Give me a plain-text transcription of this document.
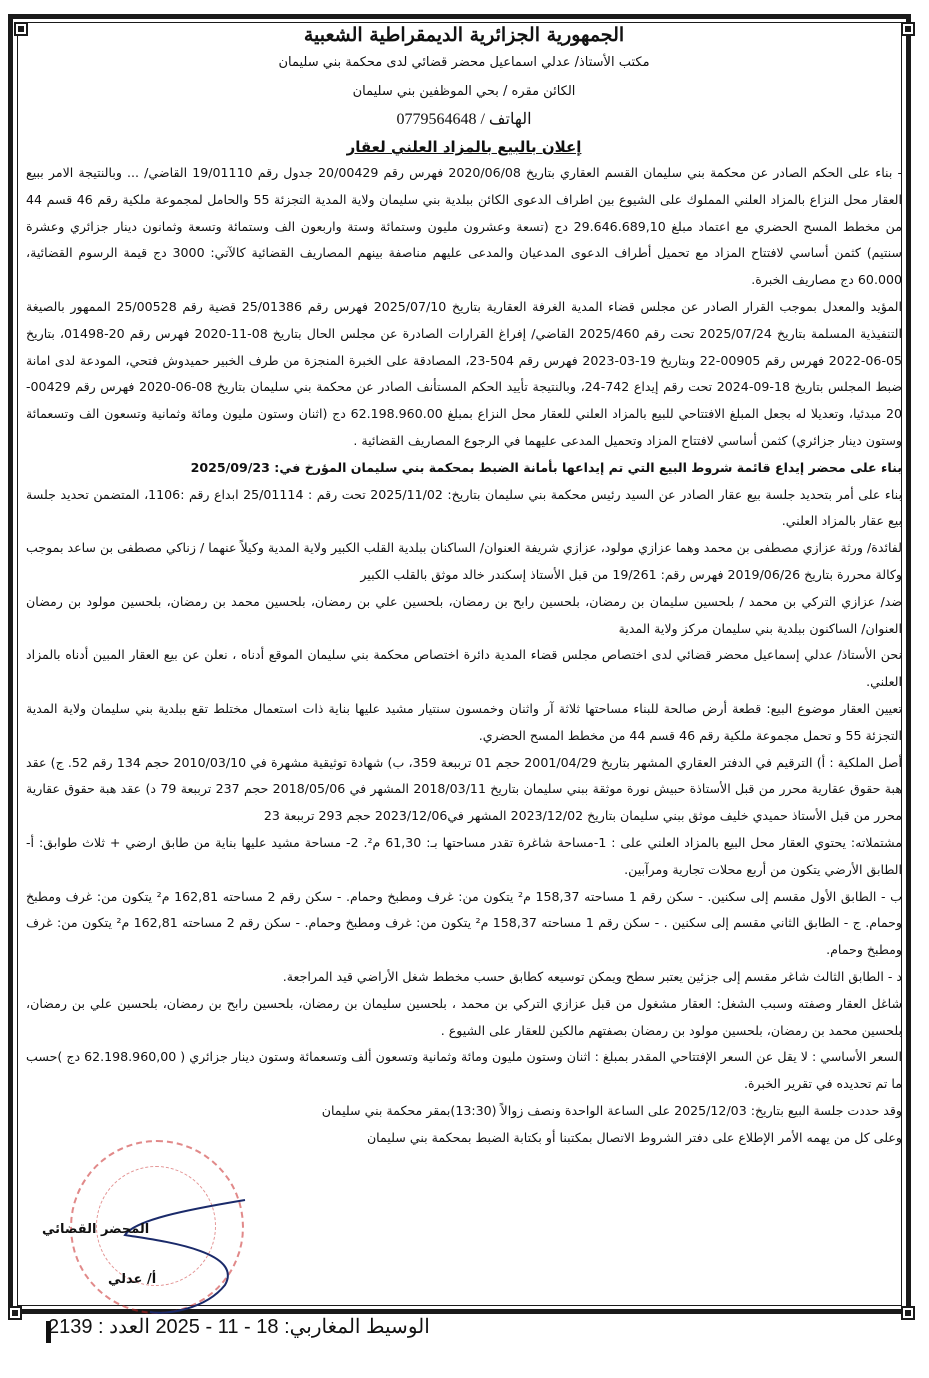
الجمهورية الجزائرية الديمقراطية الشعبية
مكتب الأستاذ/ عدلي اسماعيل محضر قضائي لدى محكمة بني سليمان
الكائن مقره / بحي الموظفين بني سليمان
الهاتف / 0779564648
إعلان بالبيع بالمزاد العلني لعقار

- بناء على الحكم الصادر عن محكمة بني سليمان القسم العقاري بتاريخ 2020/06/08 فهرس رقم 20/00429 جدول رقم 19/01110 القاضي/ ... وبالنتيجة الامر ببيع العقار محل النزاع بالمزاد العلني المملوك على الشيوع بين اطراف الدعوى الكائن ببلدية بني سليمان ولاية المدية التجزئة 55 والحامل لمجموعة ملكية رقم 46 قسم 44 من مخطط المسح الحضري مع اعتماد مبلغ 29.646.689,10 دج (تسعة وعشرون مليون وستمائة وستة واربعون الف وستمائة وتسعة وثمانون دينار جزائري وعشرة سنتيم) كثمن أساسي لافتتاح المزاد مع تحميل أطراف الدعوى المدعيان والمدعى عليهم مناصفة بينهم المصاريف القضائية كالآتي: 3000 دج قيمة الرسوم القضائية، 60.000 دج مصاريف الخبرة.

المؤيد والمعدل بموجب القرار الصادر عن مجلس قضاء المدية الغرفة العقارية بتاريخ 2025/07/10 فهرس رقم 25/01386 قضية رقم 25/00528 الممهور بالصيغة التنفيذية المسلمة بتاريخ 2025/07/24 تحت رقم 2025/460 القاضي/ إفراغ القرارات الصادرة عن مجلس الحال بتاريخ 08-11-2020 فهرس رقم 20-01498، بتاريخ 05-06-2022 فهرس رقم 00905-22 وبتاريخ 19-03-2023 فهرس رقم 504-23، المصادقة على الخبرة المنجزة من طرف الخبير حميدوش فتحي، المودعة لدى امانة ضبط المجلس بتاريخ 18-09-2024 تحت رقم إيداع 742-24، وبالنتيجة تأييد الحكم المستأنف الصادر عن محكمة بني سليمان بتاريخ 08-06-2020 فهرس رقم 00429-20 مبدئيا، وتعديلا له بجعل المبلغ الافتتاحي للبيع بالمزاد العلني للعقار محل النزاع بمبلغ 62.198.960.00 دج (اثنان وستون مليون ومائة وثمانية وتسعون الف وتسعمائة وستون دينار جزائري) كثمن أساسي لافتتاح المزاد وتحميل المدعى عليهما في الرجوع المصاريف القضائية .

بناء على محضر إيداع قائمة شروط البيع التي تم إيداعها بأمانة الضبط بمحكمة بني سليمان المؤرخ في: 2025/09/23

بناء على أمر بتحديد جلسة بيع عقار الصادر عن السيد رئيس محكمة بني سليمان بتاريخ: 2025/11/02 تحت رقم : 25/01114 ابداع رقم :1106، المتضمن تحديد جلسة بيع عقار بالمزاد العلني.

لفائدة/ ورثة عزازي مصطفى بن محمد وهما عزازي مولود، عزازي شريفة العنوان/ الساكنان ببلدية القلب الكبير ولاية المدية وكيلاً عنهما / زناكي مصطفى بن ساعد بموجب وكالة محررة بتاريخ 2019/06/26 فهرس رقم: 19/261 من قبل الأستاذ إسكندر خالد موثق بالقلب الكبير

ضد/ عزازي التركي بن محمد / بلحسين سليمان بن رمضان، بلحسين رابح بن رمضان، بلحسين علي بن رمضان، بلحسين محمد بن رمضان، بلحسين مولود بن رمضان العنوان/ الساكنون ببلدية بني سليمان مركز ولاية المدية

نحن الأستاذ/ عدلي إسماعيل محضر قضائي لدى اختصاص مجلس قضاء المدية دائرة اختصاص محكمة بني سليمان الموقع أدناه ، نعلن عن بيع العقار المبين أدناه بالمزاد العلني.

تعيين العقار موضوع البيع: قطعة أرض صالحة للبناء مساحتها ثلاثة آر واثنان وخمسون سنتيار مشيد عليها بناية ذات استعمال مختلط تقع ببلدية بني سليمان ولاية المدية التجزئة 55 و تحمل مجموعة ملكية رقم 46 قسم 44 من مخطط المسح الحضري.

أصل الملكية : أ) الترقيم في الدفتر العقاري المشهر بتاريخ 2001/04/29 حجم 01 ترببعة 359، ب) شهادة توثيقية مشهرة في 2010/03/10 حجم 134 رقم 52. ج) عقد هبة حقوق عقارية محرر من قبل الأستاذة حبيش نورة موثقة ببني سليمان بتاريخ 2018/03/11 المشهر في 2018/05/06 حجم 237 ترببعة 79 د) عقد هبة حقوق عقارية محرر من قبل الأستاذ حميدي خليف موثق ببني سليمان بتاريخ 2023/12/02 المشهر في2023/12/06 حجم 293 ترببعة 23

مشتملاته: يحتوي العقار محل البيع بالمزاد العلني على : 1-مساحة شاغرة تقدر مساحتها بـ: 61,30 م². 2- مساحة مشيد عليها بناية من طابق ارضي + ثلاث طوابق: أ- الطابق الأرضي يتكون من أربع محلات تجارية ومرآبين.

ب - الطابق الأول مقسم إلى سكنين. - سكن رقم 1 مساحته 158,37 م² يتكون من: غرف ومطبخ وحمام. - سكن رقم 2 مساحته 162,81 م² يتكون من: غرف ومطبخ وحمام. ج - الطابق الثاني مقسم إلى سكنين . - سكن رقم 1 مساحته 158,37 م² يتكون من: غرف ومطبخ وحمام. - سكن رقم 2 مساحته 162,81 م² يتكون من: غرف ومطبخ وحمام.

د - الطابق الثالث شاغر مقسم إلى جزئين يعتبر سطح ويمكن توسيعه كطابق حسب مخطط شغل الأراضي قيد المراجعة.

شاغل العقار وصفته وسبب الشغل: العقار مشغول من قبل عزازي التركي بن محمد ، بلحسين سليمان بن رمضان، بلحسين رابح بن رمضان، بلحسين علي بن رمضان، بلحسين محمد بن رمضان، بلحسين مولود بن رمضان بصفتهم مالكين للعقار على الشيوع .

السعر الأساسي : لا يقل عن السعر الإفتتاحي المقدر بمبلغ : اثنان وستون مليون ومائة وثمانية وتسعون ألف وتسعمائة وستون دينار جزائري ( 62.198.960,00 دج )حسب ما تم تحديده في تقرير الخبرة.

وقد حددت جلسة البيع بتاريخ: 2025/12/03 على الساعة الواحدة ونصف زوالاً (13:30)بمقر محكمة بني سليمان

وعلى كل من يهمه الأمر الإطلاع على دفتر الشروط الاتصال بمكتبنا أو بكتابة الضبط بمحكمة بني سليمان

المحضر القضائي
أ/ عدلي
الوسيط المغاربي: 18 - 11 - 2025 العدد : 2139
